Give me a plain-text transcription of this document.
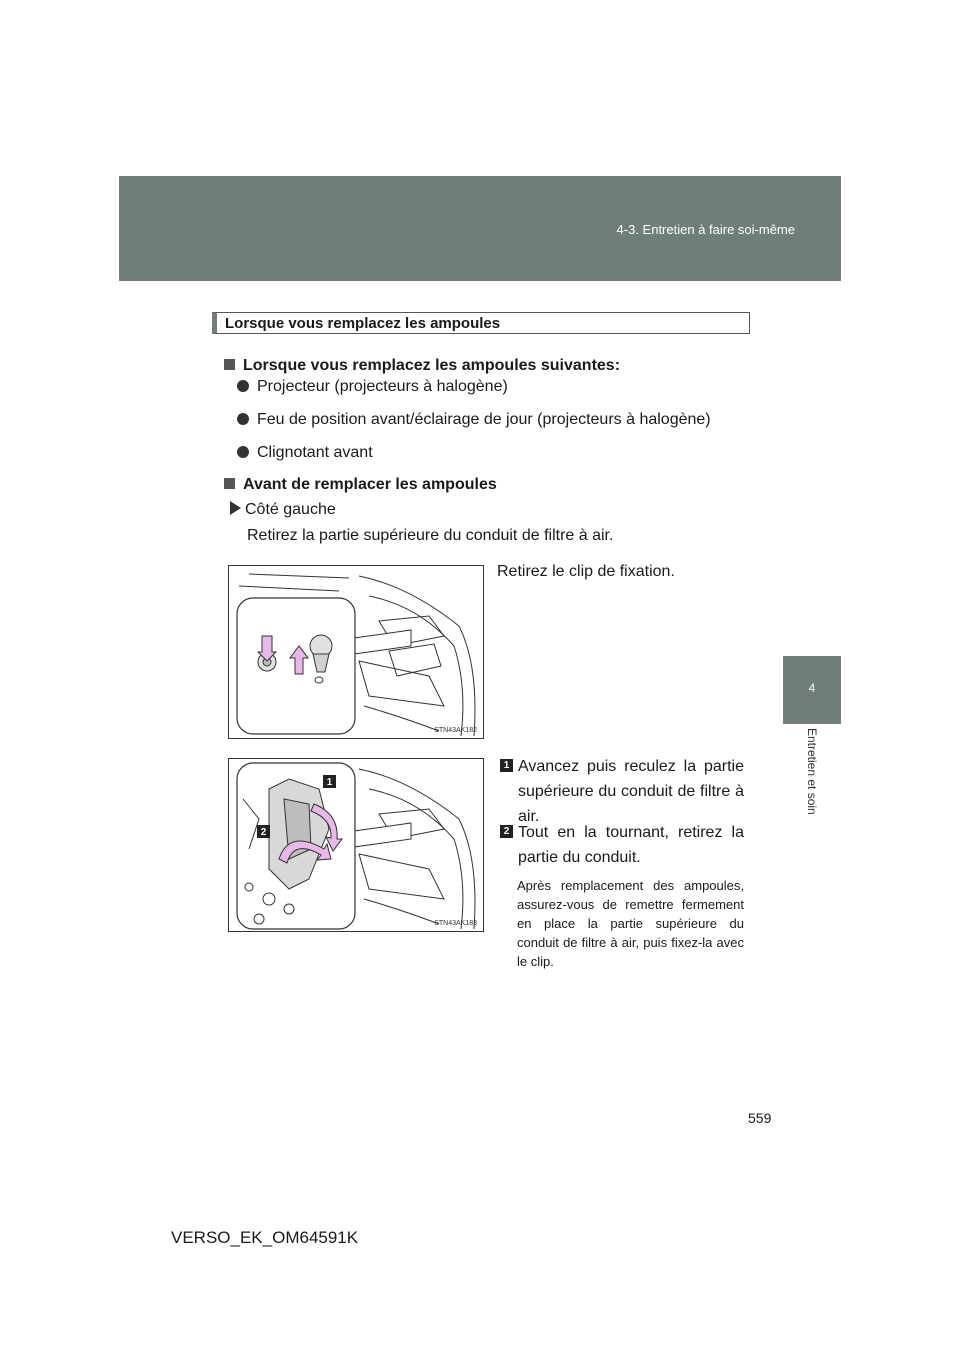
4-3. Entretien à faire soi-même
4
Entretien et soin
Lorsque vous remplacez les ampoules
Lorsque vous remplacez les ampoules suivantes:
Projecteur (projecteurs à halogène)
Feu de position avant/éclairage de jour (projecteurs à halogène)
Clignotant avant
Avant de remplacer les ampoules
Côté gauche
Retirez la partie supérieure du conduit de filtre à air.
Retirez le clip de fixation.
STN43AK182
1
2
STN43AK183
1 Avancez puis reculez la partie supérieure du conduit de filtre à air.
2 Tout en la tournant, retirez la partie du conduit.
Après remplacement des ampoules, assurez-vous de remettre fermement en place la partie supérieure du conduit de filtre à air, puis fixez-la avec le clip.
559
VERSO_EK_OM64591K
